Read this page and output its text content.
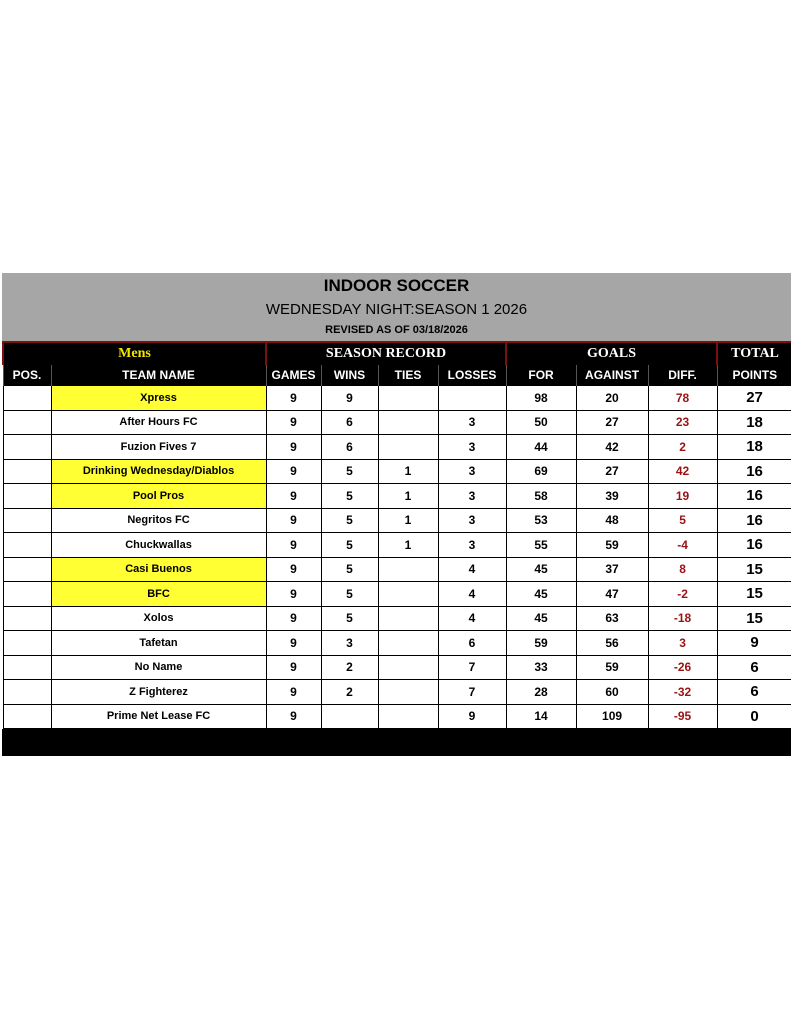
INDOOR SOCCER
WEDNESDAY NIGHT:SEASON 1 2026
REVISED AS OF 03/18/2026
Mens		SEASON RECORD				GOALS			TOTAL
POS.	TEAM NAME	GAMES	WINS	TIES	LOSSES	FOR	AGAINST	DIFF.	POINTS
	Xpress	9	9			98	20	78	27
	After Hours FC	9	6		3	50	27	23	18
	Fuzion Fives 7	9	6		3	44	42	2	18
	Drinking Wednesday/Diablos	9	5	1	3	69	27	42	16
	Pool Pros	9	5	1	3	58	39	19	16
	Negritos FC	9	5	1	3	53	48	5	16
	Chuckwallas	9	5	1	3	55	59	-4	16
	Casi Buenos	9	5		4	45	37	8	15
	BFC	9	5		4	45	47	-2	15
	Xolos	9	5		4	45	63	-18	15
	Tafetan	9	3		6	59	56	3	9
	No Name	9	2		7	33	59	-26	6
	Z Fighterez	9	2		7	28	60	-32	6
	Prime Net Lease FC	9			9	14	109	-95	0
